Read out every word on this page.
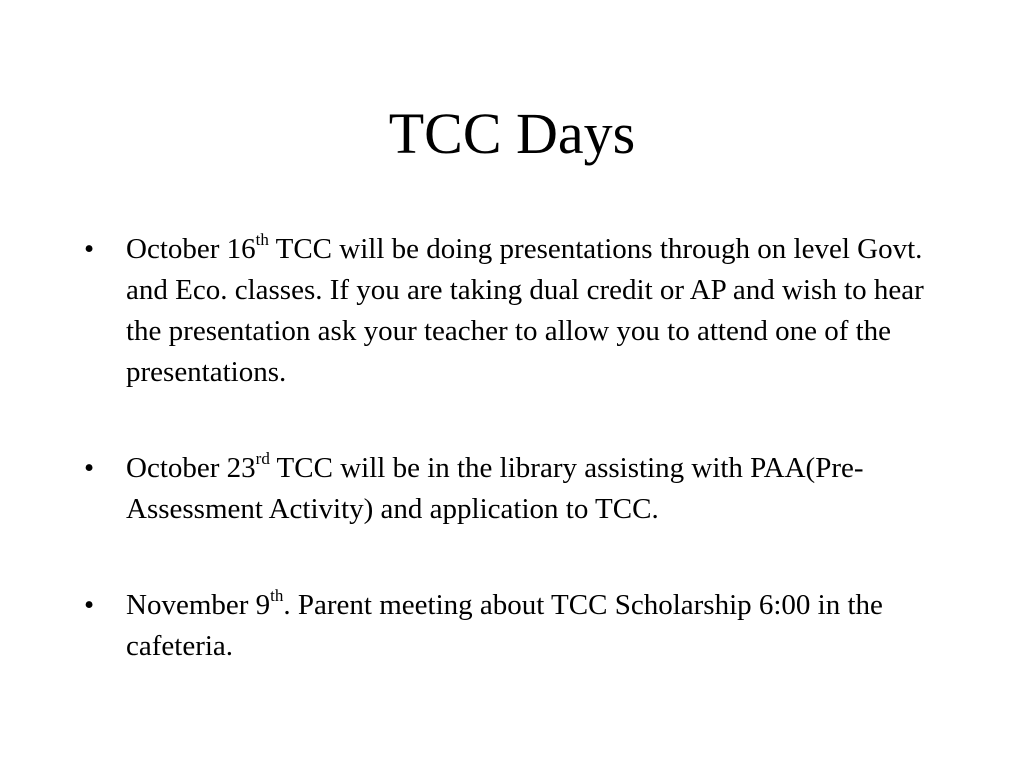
TCC Days
• October 16th TCC will be doing presentations through on level Govt. and Eco. classes. If you are taking dual credit or AP and wish to hear the presentation ask your teacher to allow you to attend one of the presentations.
• October 23rd TCC will be in the library assisting with PAA(Pre-Assessment Activity) and application to TCC.
• November 9th. Parent meeting about TCC Scholarship 6:00 in the cafeteria.
